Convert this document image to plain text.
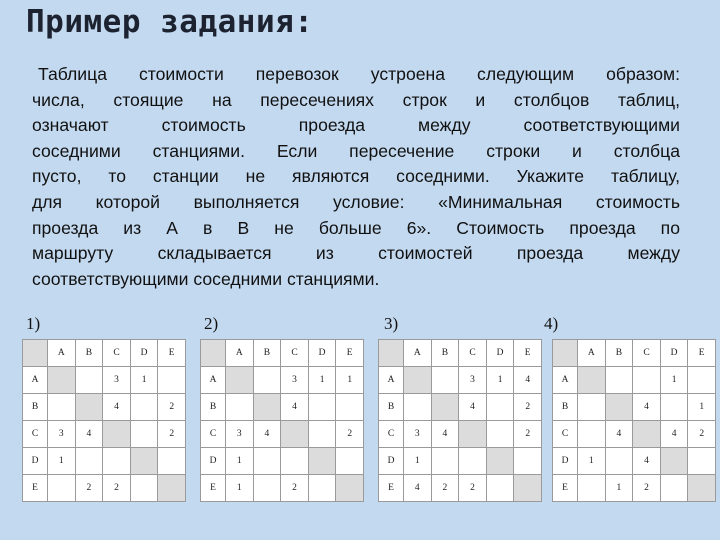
Пример задания:
Таблица стоимости перевозок устроена следующим образом:
числа, стоящие на пересечениях строк и столбцов таблиц,
означают стоимость проезда между соответствующими
соседними станциями. Если пересечение строки и столбца
пусто, то станции не являются соседними. Укажите таблицу,
для которой выполняется условие: «Минимальная стоимость
проезда из А в В не больше 6». Стоимость проезда по
маршруту складывается из стоимостей проезда между
соответствующими соседними станциями.
1)
	A	B	C	D	E
A			3	1	
B			4		2
C	3	4			2
D	1				
E		2	2		
2)
	A	B	C	D	E
A			3	1	1
B			4		
C	3	4			2
D	1				
E	1		2		
3)
	A	B	C	D	E
A			3	1	4
B			4		2
C	3	4			2
D	1				
E	4	2	2		
4)
	A	B	C	D	E
A				1	
B			4		1
C		4		4	2
D	1		4		
E		1	2		
